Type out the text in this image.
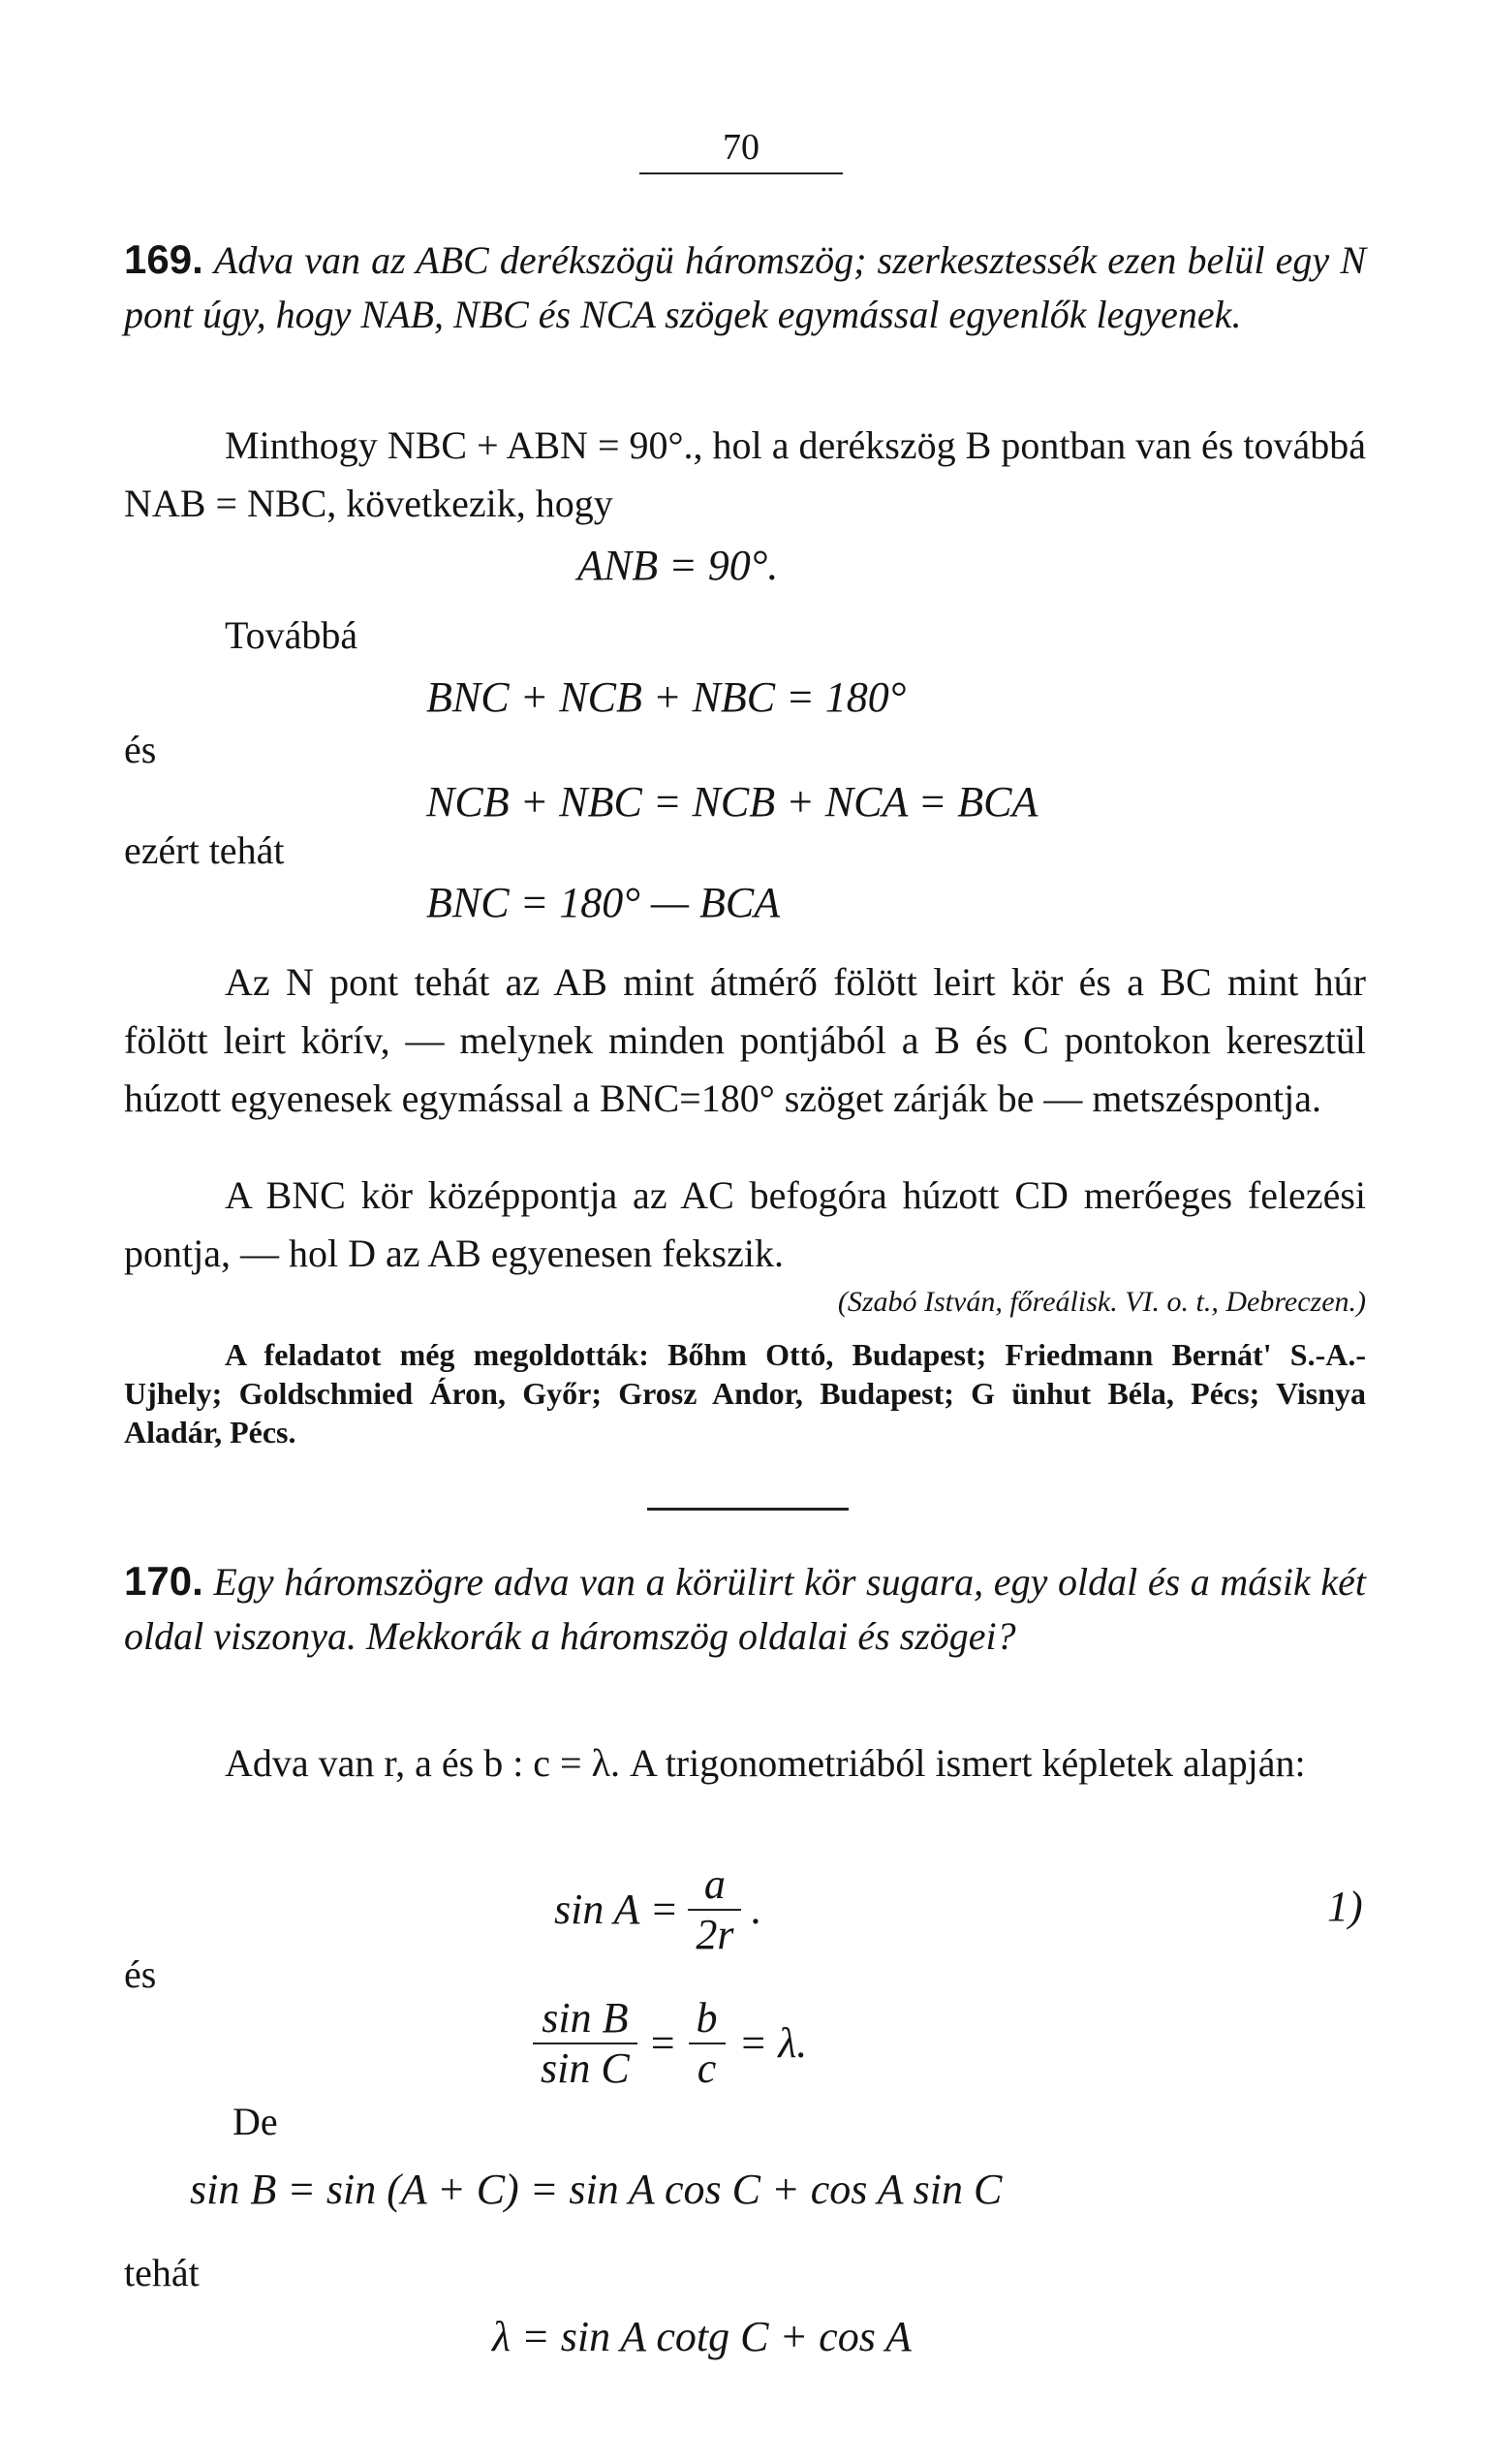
70
169. Adva van az ABC derékszögü háromszög; szerkesztessék ezen belül egy N pont úgy, hogy NAB, NBC és NCA szögek egymással egyenlők legyenek.
Minthogy NBC + ABN = 90°., hol a derékszög B pontban van és továbbá NAB = NBC, következik, hogy
ANB = 90°.
Továbbá
BNC + NCB + NBC = 180°
és
NCB + NBC = NCB + NCA = BCA
ezért tehát
BNC = 180° — BCA
Az N pont tehát az AB mint átmérő fölött leirt kör és a BC mint húr fölött leirt körív, — melynek minden pontjából a B és C pontokon keresztül húzott egyenesek egymással a BNC=180° szöget zárják be — metszéspontja.
A BNC kör középpontja az AC befogóra húzott CD merőeges felezési pontja, — hol D az AB egyenesen fekszik.
(Szabó István, főreálisk. VI. o. t., Debreczen.)
A feladatot még megoldották: Bőhm Ottó, Budapest; Friedmann Bernát' S.-A.-Ujhely; Goldschmied Áron, Győr; Grosz Andor, Budapest; G ünhut Béla, Pécs; Visnya Aladár, Pécs.
170. Egy háromszögre adva van a körülirt kör sugara, egy oldal és a másik két oldal viszonya. Mekkorák a háromszög oldalai és szögei?
Adva van r, a és b : c = λ. A trigonometriából ismert képletek alapján:
$\sin A = \frac{a}{2r}$ .	1)
és
$\frac{\text{sin B}}{\text{sin C}} = \frac{b}{c} = \lambda$.
De
sin B = sin (A + C) = sin A cos C + cos A sin C
tehát
λ = sin A cotg C + cos A
